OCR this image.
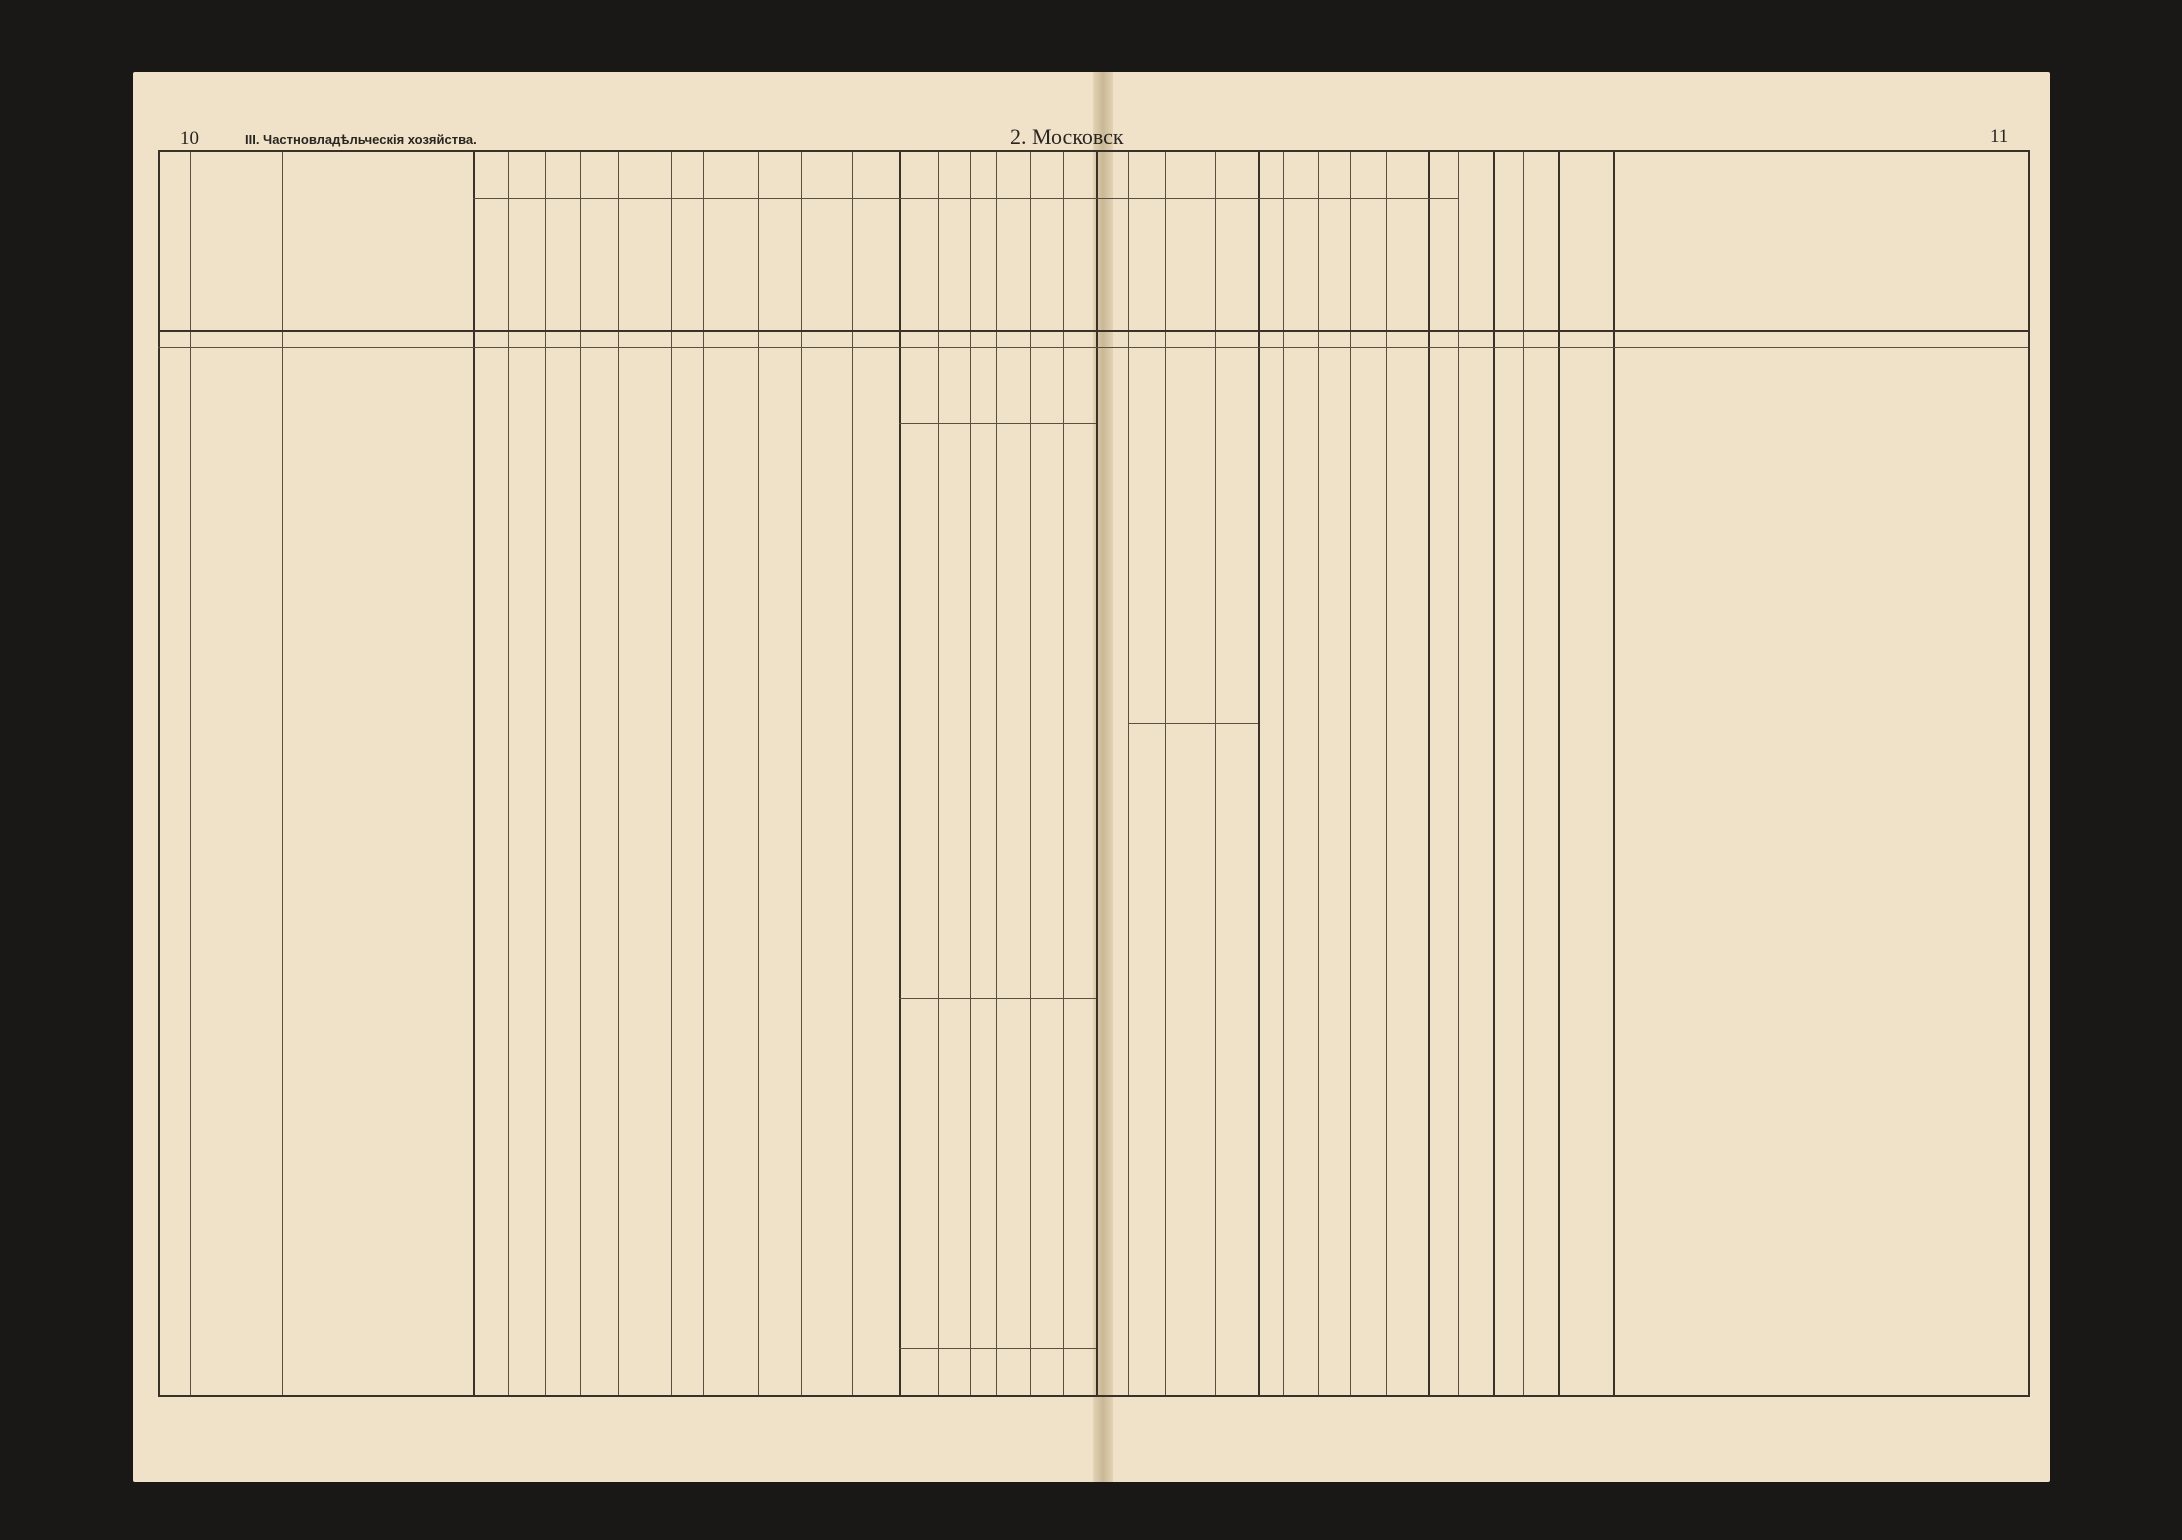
10	III. Частновладѣльческія хозяйства.	2. Московск	11
